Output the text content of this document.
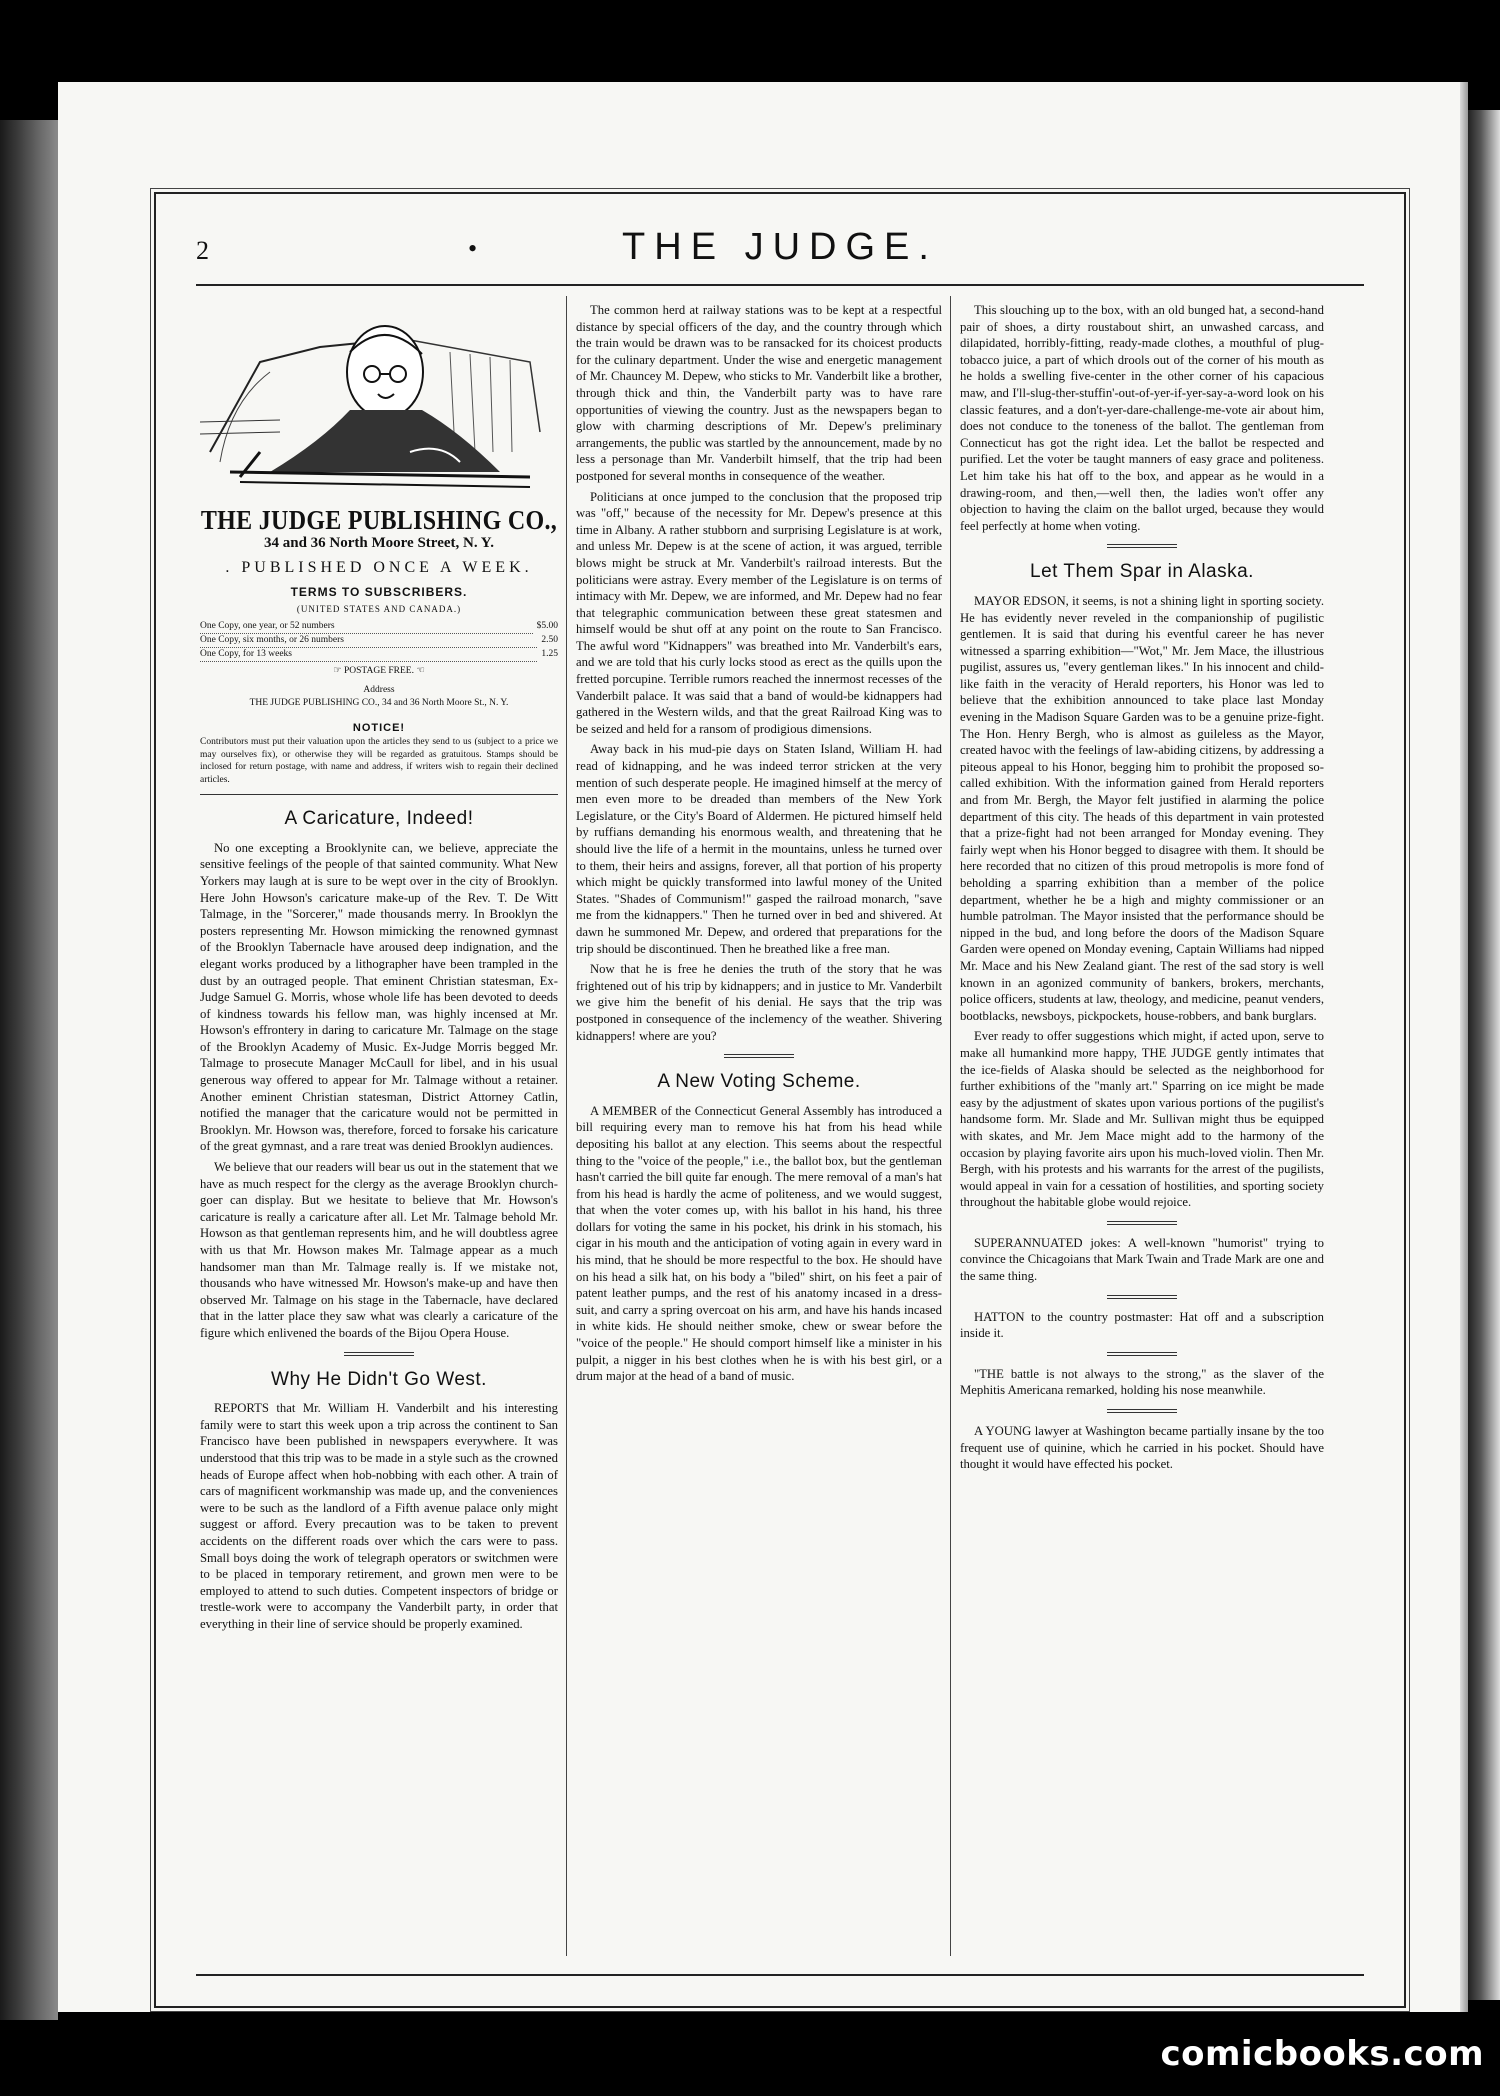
2	•	THE JUDGE.
THE JUDGE PUBLISHING CO.,
34 and 36 North Moore Street, N. Y.
. PUBLISHED ONCE A WEEK.
TERMS TO SUBSCRIBERS.
(UNITED STATES AND CANADA.)
One Copy, one year, or 52 numbers	$5.00
One Copy, six months, or 26 numbers	2.50
One Copy, for 13 weeks	1.25
☞ POSTAGE FREE. ☜
Address
THE JUDGE PUBLISHING CO., 34 and 36 North Moore St., N. Y.
NOTICE!
Contributors must put their valuation upon the articles they send to us (subject to a price we may ourselves fix), or otherwise they will be regarded as gratuitous. Stamps should be inclosed for return postage, with name and address, if writers wish to regain their declined articles.
A Caricature, Indeed!

No one excepting a Brooklynite can, we believe, appreciate the sensitive feelings of the people of that sainted community. What New Yorkers may laugh at is sure to be wept over in the city of Brooklyn. Here John Howson's caricature make-up of the Rev. T. De Witt Talmage, in the "Sorcerer," made thousands merry. In Brooklyn the posters representing Mr. Howson mimicking the renowned gymnast of the Brooklyn Tabernacle have aroused deep indignation, and the elegant works produced by a lithographer have been trampled in the dust by an outraged people. That eminent Christian statesman, Ex-Judge Samuel G. Morris, whose whole life has been devoted to deeds of kindness towards his fellow man, was highly incensed at Mr. Howson's effrontery in daring to caricature Mr. Talmage on the stage of the Brooklyn Academy of Music. Ex-Judge Morris begged Mr. Talmage to prosecute Manager McCaull for libel, and in his usual generous way offered to appear for Mr. Talmage without a retainer. Another eminent Christian statesman, District Attorney Catlin, notified the manager that the caricature would not be permitted in Brooklyn. Mr. Howson was, therefore, forced to forsake his caricature of the great gymnast, and a rare treat was denied Brooklyn audiences.

We believe that our readers will bear us out in the statement that we have as much respect for the clergy as the average Brooklyn church-goer can display. But we hesitate to believe that Mr. Howson's caricature is really a caricature after all. Let Mr. Talmage behold Mr. Howson as that gentleman represents him, and he will doubtless agree with us that Mr. Howson makes Mr. Talmage appear as a much handsomer man than Mr. Talmage really is. If we mistake not, thousands who have witnessed Mr. Howson's make-up and have then observed Mr. Talmage on his stage in the Tabernacle, have declared that in the latter place they saw what was clearly a caricature of the figure which enlivened the boards of the Bijou Opera House.

Why He Didn't Go West.

REPORTS that Mr. William H. Vanderbilt and his interesting family were to start this week upon a trip across the continent to San Francisco have been published in newspapers everywhere. It was understood that this trip was to be made in a style such as the crowned heads of Europe affect when hob-nobbing with each other. A train of cars of magnificent workmanship was made up, and the conveniences were to be such as the landlord of a Fifth avenue palace only might suggest or afford. Every precaution was to be taken to prevent accidents on the different roads over which the cars were to pass. Small boys doing the work of telegraph operators or switchmen were to be placed in temporary retirement, and grown men were to be employed to attend to such duties. Competent inspectors of bridge or trestle-work were to accompany the Vanderbilt party, in order that everything in their line of service should be properly examined.

The common herd at railway stations was to be kept at a respectful distance by special officers of the day, and the country through which the train would be drawn was to be ransacked for its choicest products for the culinary department. Under the wise and energetic management of Mr. Chauncey M. Depew, who sticks to Mr. Vanderbilt like a brother, through thick and thin, the Vanderbilt party was to have rare opportunities of viewing the country. Just as the newspapers began to glow with charming descriptions of Mr. Depew's preliminary arrangements, the public was startled by the announcement, made by no less a personage than Mr. Vanderbilt himself, that the trip had been postponed for several months in consequence of the weather.

Politicians at once jumped to the conclusion that the proposed trip was "off," because of the necessity for Mr. Depew's presence at this time in Albany. A rather stubborn and surprising Legislature is at work, and unless Mr. Depew is at the scene of action, it was argued, terrible blows might be struck at Mr. Vanderbilt's railroad interests. But the politicians were astray. Every member of the Legislature is on terms of intimacy with Mr. Depew, we are informed, and Mr. Depew had no fear that telegraphic communication between these great statesmen and himself would be shut off at any point on the route to San Francisco. The awful word "Kidnappers" was breathed into Mr. Vanderbilt's ears, and we are told that his curly locks stood as erect as the quills upon the fretted porcupine. Terrible rumors reached the innermost recesses of the Vanderbilt palace. It was said that a band of would-be kidnappers had gathered in the Western wilds, and that the great Railroad King was to be seized and held for a ransom of prodigious dimensions.

Away back in his mud-pie days on Staten Island, William H. had read of kidnapping, and he was indeed terror stricken at the very mention of such desperate people. He imagined himself at the mercy of men even more to be dreaded than members of the New York Legislature, or the City's Board of Aldermen. He pictured himself held by ruffians demanding his enormous wealth, and threatening that he should live the life of a hermit in the mountains, unless he turned over to them, their heirs and assigns, forever, all that portion of his property which might be quickly transformed into lawful money of the United States. "Shades of Communism!" gasped the railroad monarch, "save me from the kidnappers." Then he turned over in bed and shivered. At dawn he summoned Mr. Depew, and ordered that preparations for the trip should be discontinued. Then he breathed like a free man.

Now that he is free he denies the truth of the story that he was frightened out of his trip by kidnappers; and in justice to Mr. Vanderbilt we give him the benefit of his denial. He says that the trip was postponed in consequence of the inclemency of the weather. Shivering kidnappers! where are you?

A New Voting Scheme.

A MEMBER of the Connecticut General Assembly has introduced a bill requiring every man to remove his hat from his head while depositing his ballot at any election. This seems about the respectful thing to the "voice of the people," i.e., the ballot box, but the gentleman hasn't carried the bill quite far enough. The mere removal of a man's hat from his head is hardly the acme of politeness, and we would suggest, that when the voter comes up, with his ballot in his hand, his three dollars for voting the same in his pocket, his drink in his stomach, his cigar in his mouth and the anticipation of voting again in every ward in his mind, that he should be more respectful to the box. He should have on his head a silk hat, on his body a "biled" shirt, on his feet a pair of patent leather pumps, and the rest of his anatomy incased in a dress-suit, and carry a spring overcoat on his arm, and have his hands incased in white kids. He should neither smoke, chew or swear before the "voice of the people." He should comport himself like a minister in his pulpit, a nigger in his best clothes when he is with his best girl, or a drum major at the head of a band of music.

This slouching up to the box, with an old bunged hat, a second-hand pair of shoes, a dirty roustabout shirt, an unwashed carcass, and dilapidated, horribly-fitting, ready-made clothes, a mouthful of plug-tobacco juice, a part of which drools out of the corner of his mouth as he holds a swelling five-center in the other corner of his capacious maw, and I'll-slug-ther-stuffin'-out-of-yer-if-yer-say-a-word look on his classic features, and a don't-yer-dare-challenge-me-vote air about him, does not conduce to the toneness of the ballot. The gentleman from Connecticut has got the right idea. Let the ballot be respected and purified. Let the voter be taught manners of easy grace and politeness. Let him take his hat off to the box, and appear as he would in a drawing-room, and then,—well then, the ladies won't offer any objection to having the claim on the ballot urged, because they would feel perfectly at home when voting.

Let Them Spar in Alaska.

MAYOR EDSON, it seems, is not a shining light in sporting society. He has evidently never reveled in the companionship of pugilistic gentlemen. It is said that during his eventful career he has never witnessed a sparring exhibition—"Wot," Mr. Jem Mace, the illustrious pugilist, assures us, "every gentleman likes." In his innocent and child-like faith in the veracity of Herald reporters, his Honor was led to believe that the exhibition announced to take place last Monday evening in the Madison Square Garden was to be a genuine prize-fight. The Hon. Henry Bergh, who is almost as guileless as the Mayor, created havoc with the feelings of law-abiding citizens, by addressing a piteous appeal to his Honor, begging him to prohibit the proposed so-called exhibition. With the information gained from Herald reporters and from Mr. Bergh, the Mayor felt justified in alarming the police department of this city. The heads of this department in vain protested that a prize-fight had not been arranged for Monday evening. They fairly wept when his Honor begged to disagree with them. It should be here recorded that no citizen of this proud metropolis is more fond of beholding a sparring exhibition than a member of the police department, whether he be a high and mighty commissioner or an humble patrolman. The Mayor insisted that the performance should be nipped in the bud, and long before the doors of the Madison Square Garden were opened on Monday evening, Captain Williams had nipped Mr. Mace and his New Zealand giant. The rest of the sad story is well known in an agonized community of bankers, brokers, merchants, police officers, students at law, theology, and medicine, peanut venders, bootblacks, newsboys, pickpockets, house-robbers, and bank burglars.

Ever ready to offer suggestions which might, if acted upon, serve to make all humankind more happy, THE JUDGE gently intimates that the ice-fields of Alaska should be selected as the neighborhood for further exhibitions of the "manly art." Sparring on ice might be made easy by the adjustment of skates upon various portions of the pugilist's handsome form. Mr. Slade and Mr. Sullivan might thus be equipped with skates, and Mr. Jem Mace might add to the harmony of the occasion by playing favorite airs upon his much-loved violin. Then Mr. Bergh, with his protests and his warrants for the arrest of the pugilists, would appeal in vain for a cessation of hostilities, and sporting society throughout the habitable globe would rejoice.

SUPERANNUATED jokes: A well-known "humorist" trying to convince the Chicagoians that Mark Twain and Trade Mark are one and the same thing.

HATTON to the country postmaster: Hat off and a subscription inside it.

"THE battle is not always to the strong," as the slaver of the Mephitis Americana remarked, holding his nose meanwhile.

A YOUNG lawyer at Washington became partially insane by the too frequent use of quinine, which he carried in his pocket. Should have thought it would have effected his pocket.

comicbooks.com
